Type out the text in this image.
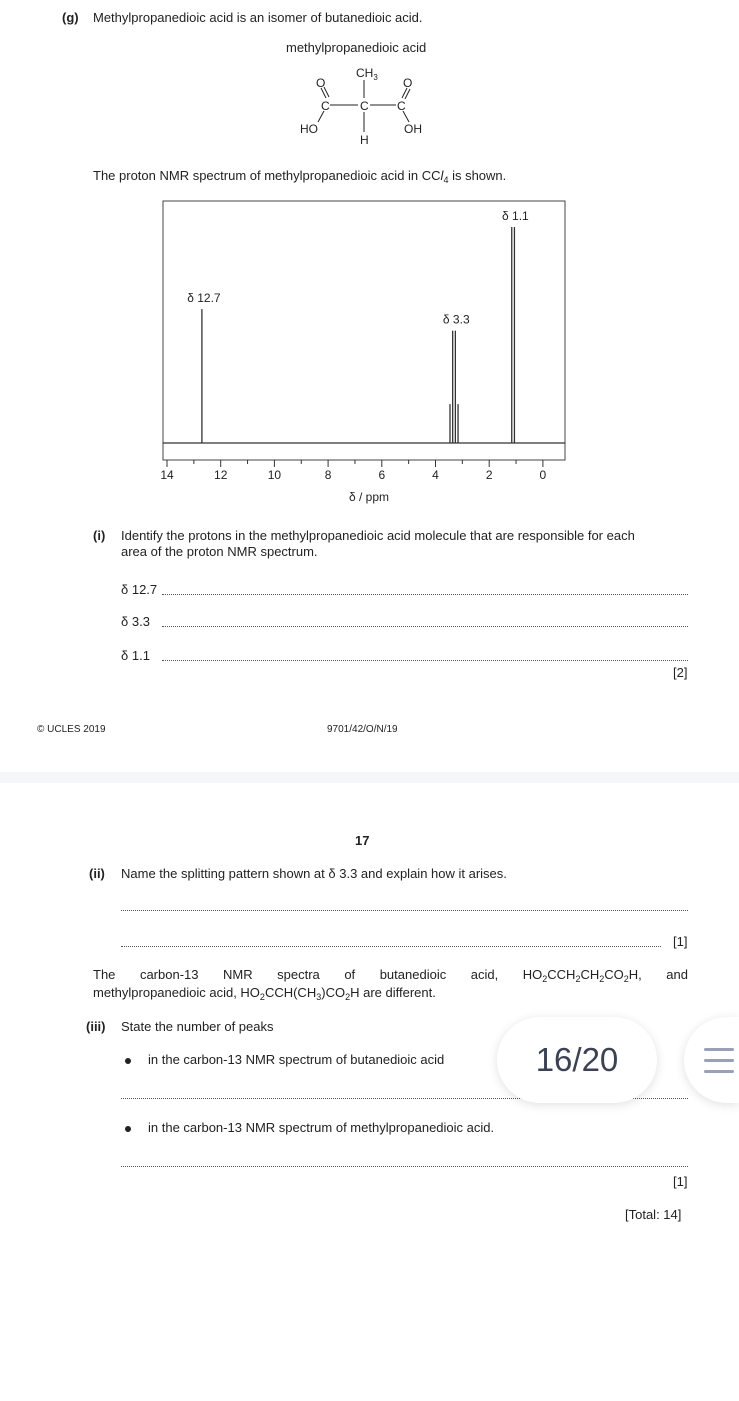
(g) Methylpropanedioic acid is an isomer of butanedioic acid.
methylpropanedioic acid
$CH_3$
O	O
C	C C
HO	OH
H
The proton NMR spectrum of methylpropanedioic acid in CCl$_4$ is shown.
14	12	10	8	6	4	2	0
δ / ppm
δ 12.7
δ 3.3
δ 1.1
(i) Identify the protons in the methylpropanedioic acid molecule that are responsible for each
area of the proton NMR spectrum.
δ 12.7
δ 3.3
δ 1.1
[2]
© UCLES 2019	9701/42/O/N/19
17
(ii) Name the splitting pattern shown at δ 3.3 and explain how it arises.
[1]
The carbon-13 NMR spectra of butanedioic acid, $HO_2CCH_2CH_2CO_2H$, and
methylpropanedioic acid, $HO_2CCH(CH_3)CO_2H$ are different.
(iii) State the number of peaks
in the carbon-13 NMR spectrum of butanedioic acid
in the carbon-13 NMR spectrum of methylpropanedioic acid.
[1]
[Total: 14]
16/20
